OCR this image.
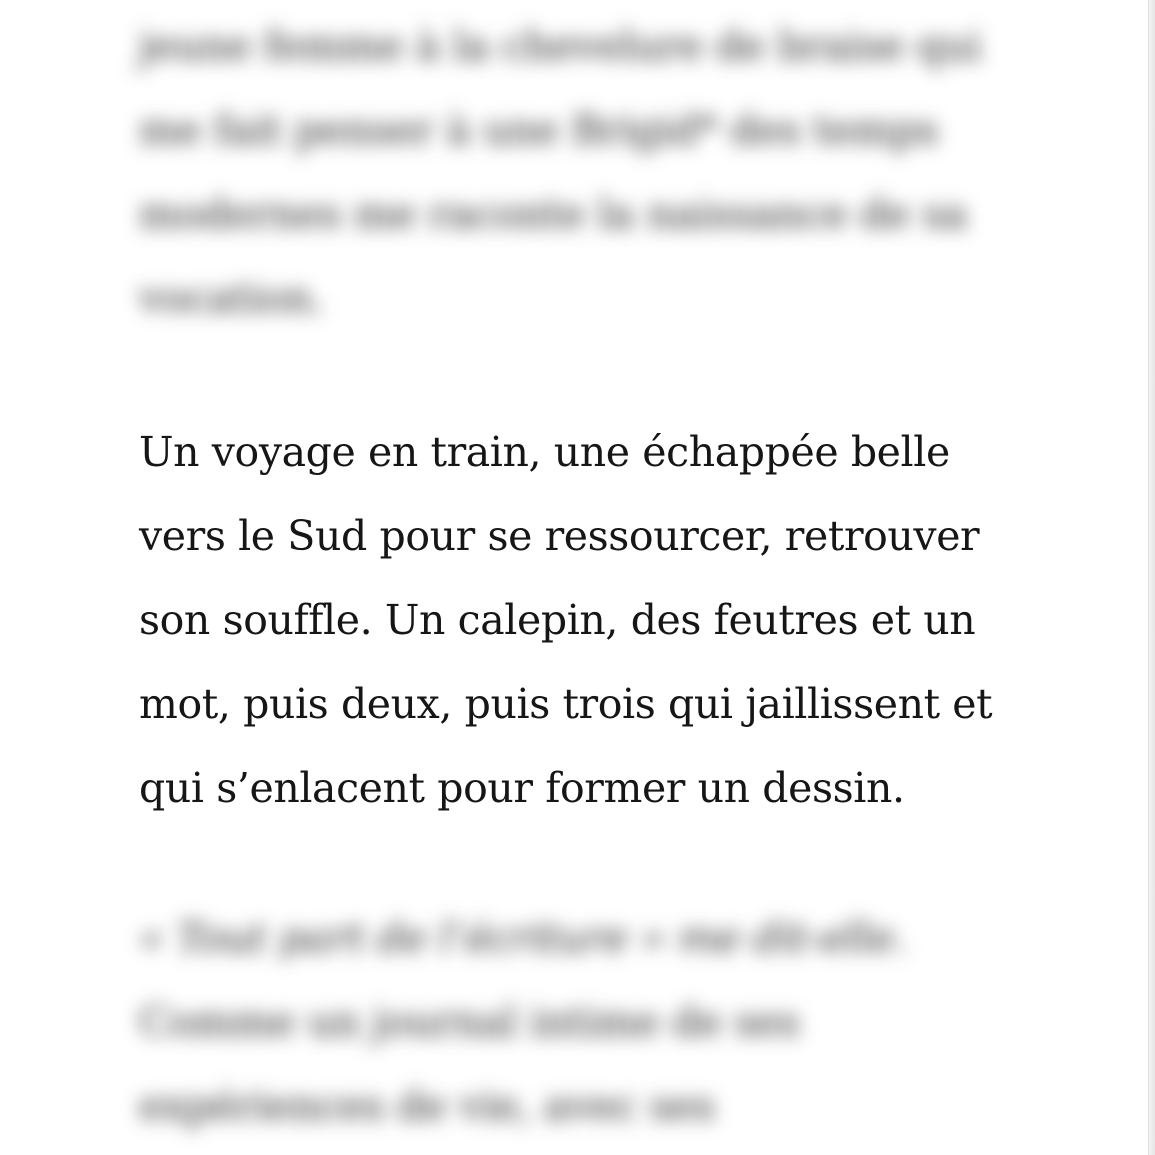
jeune femme à la chevelure de braise qui
me fait penser à une Brigid* des temps
modernes me raconte la naissance de sa
vocation.

Un voyage en train, une échappée belle
vers le Sud pour se ressourcer, retrouver
son souffle. Un calepin, des feutres et un
mot, puis deux, puis trois qui jaillissent et
qui s’enlacent pour former un dessin.

« Tout part de l’écriture » me dit-elle.
Comme un journal intime de ses
expériences de vie, avec ses
